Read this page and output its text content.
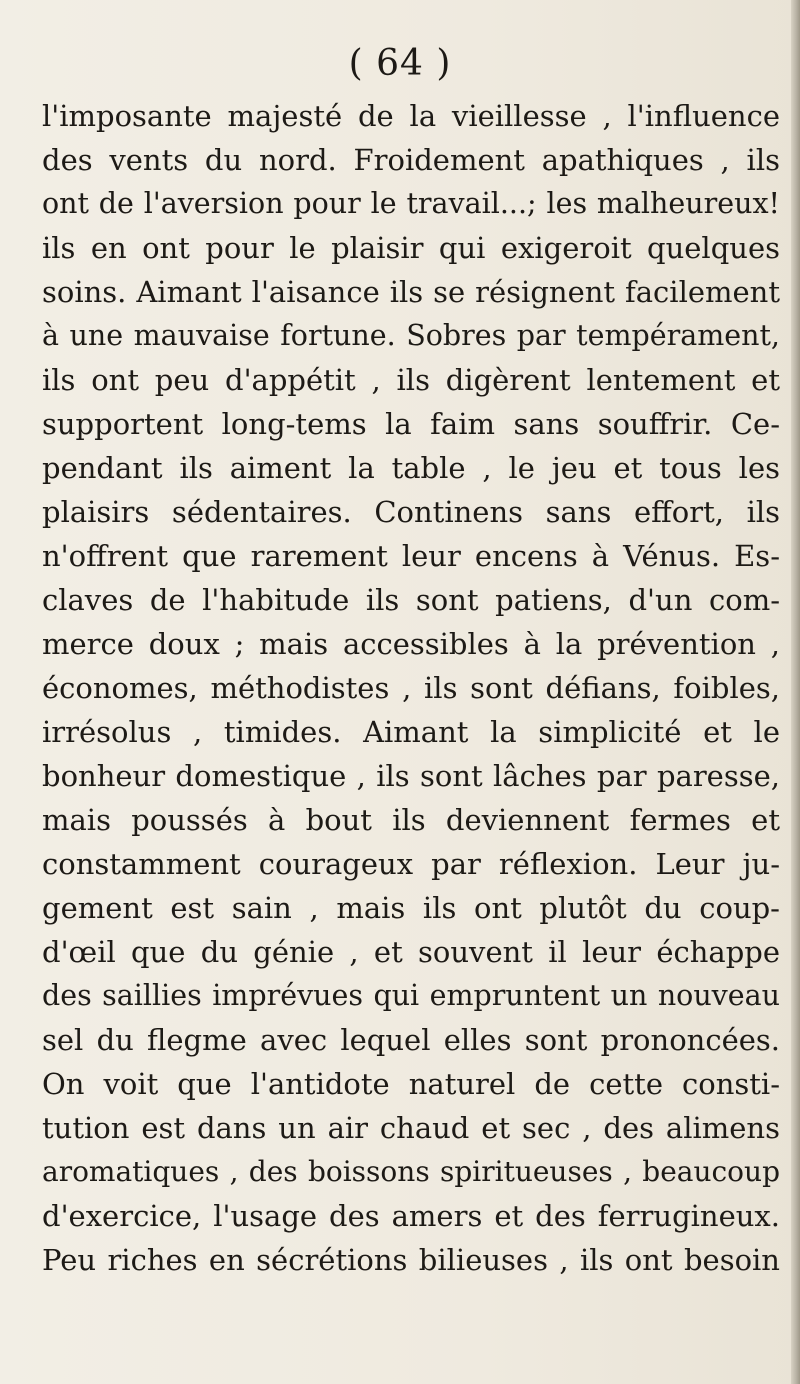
( 64 )
l'imposante majesté de la vieillesse , l'influence
des vents du nord. Froidement apathiques , ils
ont de l'aversion pour le travail...; les malheureux!
ils en ont pour le plaisir qui exigeroit quelques
soins. Aimant l'aisance ils se résignent facilement
à une mauvaise fortune. Sobres par tempérament,
ils ont peu d'appétit , ils digèrent lentement et
supportent long-tems la faim sans souffrir. Ce-
pendant ils aiment la table , le jeu et tous les
plaisirs sédentaires. Continens sans effort, ils
n'offrent que rarement leur encens à Vénus. Es-
claves de l'habitude ils sont patiens, d'un com-
merce doux ; mais accessibles à la prévention ,
économes, méthodistes , ils sont défians, foibles,
irrésolus , timides. Aimant la simplicité et le
bonheur domestique , ils sont lâches par paresse,
mais poussés à bout ils deviennent fermes et
constamment courageux par réflexion. Leur ju-
gement est sain , mais ils ont plutôt du coup-
d'œil que du génie , et souvent il leur échappe
des saillies imprévues qui empruntent un nouveau
sel du flegme avec lequel elles sont prononcées.
On voit que l'antidote naturel de cette consti-
tution est dans un air chaud et sec , des alimens
aromatiques , des boissons spiritueuses , beaucoup
d'exercice, l'usage des amers et des ferrugineux.
Peu riches en sécrétions bilieuses , ils ont besoin
